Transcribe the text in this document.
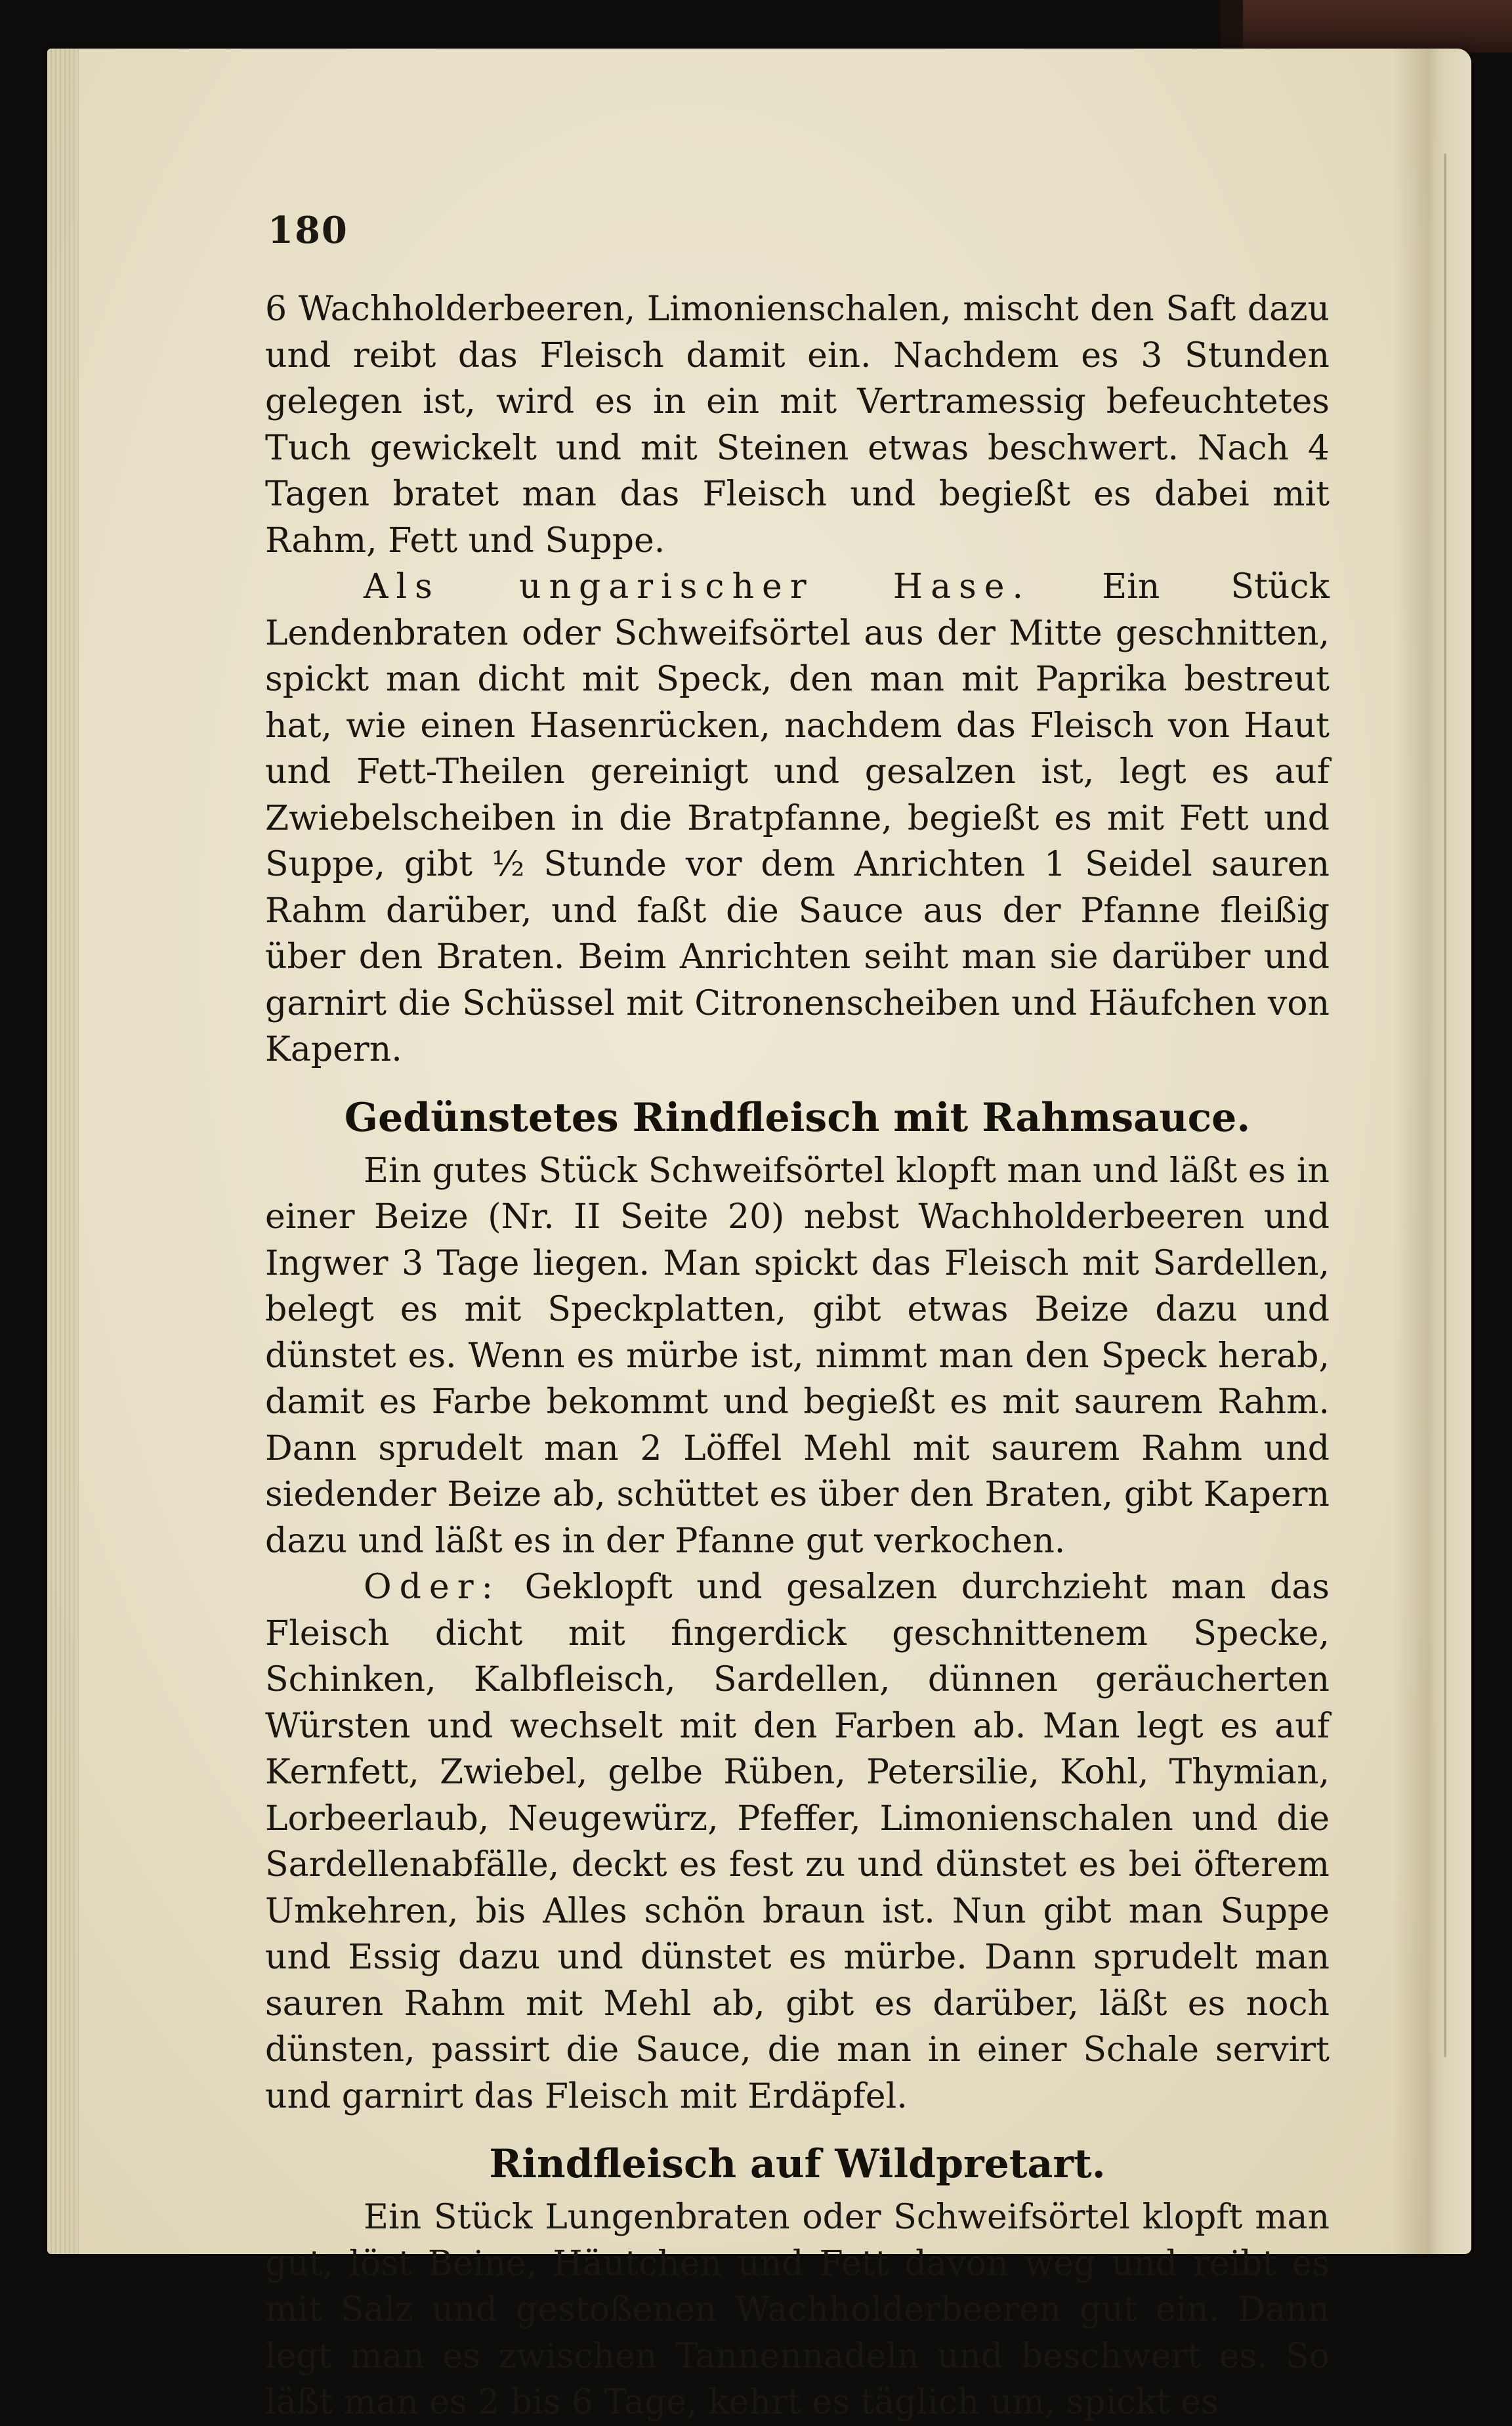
180

6 Wachholderbeeren, Limonienschalen, mischt den Saft dazu und reibt das Fleisch damit ein. Nachdem es 3 Stunden gelegen ist, wird es in ein mit Vertramessig befeuchtetes Tuch gewickelt und mit Steinen etwas beschwert. Nach 4 Tagen bratet man das Fleisch und begießt es dabei mit Rahm, Fett und Suppe.

Als ungarischer Hase. Ein Stück Lendenbraten oder Schweifsörtel aus der Mitte geschnitten, spickt man dicht mit Speck, den man mit Paprika bestreut hat, wie einen Hasenrücken, nachdem das Fleisch von Haut und Fett-Theilen gereinigt und gesalzen ist, legt es auf Zwiebelscheiben in die Bratpfanne, begießt es mit Fett und Suppe, gibt ½ Stunde vor dem Anrichten 1 Seidel sauren Rahm darüber, und faßt die Sauce aus der Pfanne fleißig über den Braten. Beim Anrichten seiht man sie darüber und garnirt die Schüssel mit Citronenscheiben und Häufchen von Kapern.

Gedünstetes Rindfleisch mit Rahmsauce.

Ein gutes Stück Schweifsörtel klopft man und läßt es in einer Beize (Nr. II Seite 20) nebst Wachholderbeeren und Ingwer 3 Tage liegen. Man spickt das Fleisch mit Sardellen, belegt es mit Speckplatten, gibt etwas Beize dazu und dünstet es. Wenn es mürbe ist, nimmt man den Speck herab, damit es Farbe bekommt und begießt es mit saurem Rahm. Dann sprudelt man 2 Löffel Mehl mit saurem Rahm und siedender Beize ab, schüttet es über den Braten, gibt Kapern dazu und läßt es in der Pfanne gut verkochen.

Oder: Geklopft und gesalzen durchzieht man das Fleisch dicht mit fingerdick geschnittenem Specke, Schinken, Kalbfleisch, Sardellen, dünnen geräucherten Würsten und wechselt mit den Farben ab. Man legt es auf Kernfett, Zwiebel, gelbe Rüben, Petersilie, Kohl, Thymian, Lorbeerlaub, Neugewürz, Pfeffer, Limonienschalen und die Sardellenabfälle, deckt es fest zu und dünstet es bei öfterem Umkehren, bis Alles schön braun ist. Nun gibt man Suppe und Essig dazu und dünstet es mürbe. Dann sprudelt man sauren Rahm mit Mehl ab, gibt es darüber, läßt es noch dünsten, passirt die Sauce, die man in einer Schale servirt und garnirt das Fleisch mit Erdäpfel.

Rindfleisch auf Wildpretart.

Ein Stück Lungenbraten oder Schweifsörtel klopft man gut, löst Beine, Häutchen und Fett davon weg und reibt es mit Salz und gestoßenen Wachholderbeeren gut ein. Dann legt man es zwischen Tannennadeln und beschwert es. So läßt man es 2 bis 6 Tage, kehrt es täglich um, spickt es
